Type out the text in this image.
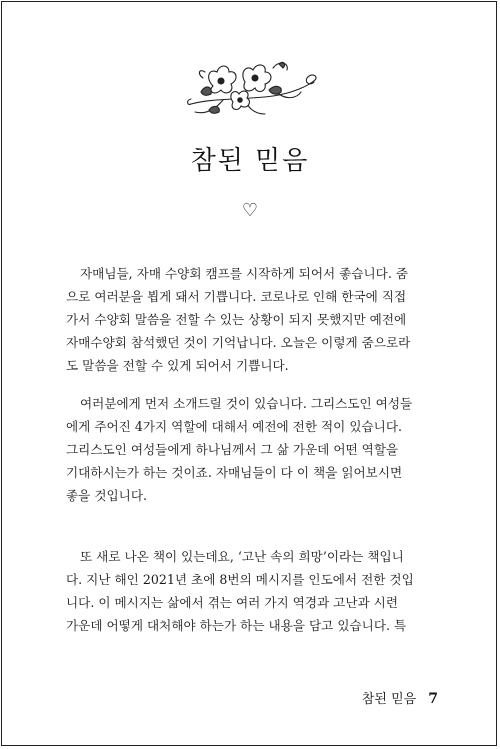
참된 믿음
♡
자매님들, 자매 수양회 캠프를 시작하게 되어서 좋습니다. 줌
으로 여러분을 뵙게 돼서 기쁩니다. 코로나로 인해 한국에 직접
가서 수양회 말씀을 전할 수 있는 상황이 되지 못했지만 예전에
자매수양회 참석했던 것이 기억납니다. 오늘은 이렇게 줌으로라
도 말씀을 전할 수 있게 되어서 기쁩니다.
여러분에게 먼저 소개드릴 것이 있습니다. 그리스도인 여성들
에게 주어진 4가지 역할에 대해서 예전에 전한 적이 있습니다.
그리스도인 여성들에게 하나님께서 그 삶 가운데 어떤 역할을
기대하시는가 하는 것이죠. 자매님들이 다 이 책을 읽어보시면
좋을 것입니다.
또 새로 나온 책이 있는데요, ‘고난 속의 희망’이라는 책입니
다. 지난 해인 2021년 초에 8번의 메시지를 인도에서 전한 것입
니다. 이 메시지는 삶에서 겪는 여러 가지 역경과 고난과 시련
가운데 어떻게 대처해야 하는가 하는 내용을 담고 있습니다. 특
참된 믿음 7
